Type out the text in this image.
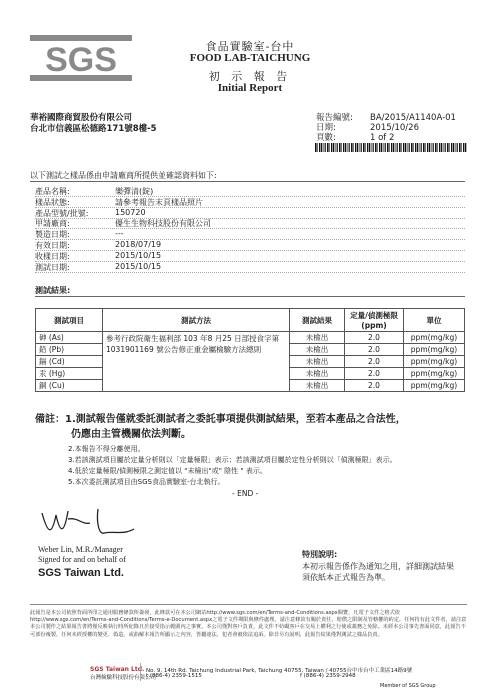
SGS	食品實驗室-台中
FOOD LAB-TAICHUNG
初 示 報 告
Initial Report
華裕國際商貿股份有限公司
台北市信義區松德路171號8樓-5
報告編號: BA/2015/A1140A-01
日期:	2015/10/26
頁數:	1 of 2
以下測試之樣品係由申請廠商所提供並確認資料如下:
產品名稱:	樂彈清(錠)
樣品狀態:	請參考報告末頁樣品照片
產品型號/批號:	150720
甲請廠商:	優生生物科技股份有限公司
製造日期:	---
有效日期:	2018/07/19
收樣日期:	2015/10/15
測試日期:	2015/10/15
測試結果:
測試項目	測試方法	測試結果	定量/偵測極限(ppm)	單位
砷 (As)	參考行政院衛生福利部 103 年8 月25 日部授食字第
1031901169 號公告修正重金屬檢驗方法總則	未檢出	2.0	ppm(mg/kg)
鉛 (Pb)		未檢出	2.0	ppm(mg/kg)
鎘 (Cd)		未檢出	2.0	ppm(mg/kg)
汞 (Hg)		未檢出	2.0	ppm(mg/kg)
銅 (Cu)		未檢出	2.0	ppm(mg/kg)
備註：1.測試報告僅就委託測試者之委託事項提供測試結果，至若本產品之合法性，
仍應由主管機關依法判斷。
2.本報告不得分離使用。
3.若該測試項目屬於定量分析則以「定量極限」表示；若該測試項目屬於定性分析則以「偵測極限」表示。
4.低於定量極限/偵測極限之測定值以 "未檢出"或" 陰性 " 表示。
5.本次委託測試項目由SGS食品實驗室-台北執行。
- END -
Weber Lin, M.R./Manager
Signed for and on behalf of
SGS Taiwan Ltd.
特別說明:
本初示報告係作為通知之用，詳細測試結果
須依紙本正式報告為準。
此報告是本公司依照背面所印之通用服務條款所簽發，此條款可在本公司網站http://www.sgs.com/en/Terms-and-Conditions.aspx閱覽，凡電子文件之格式依http://www.sgs.com/en/Terms-and-Conditions/Terms-e-Document.aspx之電子文件期限與條件處理。請注意條款有關於責任、賠償之限制及管轄權的約定。任何持有此文件者，請注意本公司製作之結果報告書將僅反映執行時所紀錄且於接受指示範圍內之事實。本公司僅對客戶負責，此文件不妨礙客戶在交易上權利之行使或義務之免除。未經本公司事先書面同意，此報告不可部份複製。任何未經授權的變更、偽造、或曲解本報告所顯示之內容，皆屬違法，犯者會被依法追訴。除非另有說明，此報告結果僅對測試之樣品負責。
SGS Taiwan Ltd.
台灣檢驗科技股份有限公司
No. 9, 14th Rd. Taichung Industrial Park, Taichung 40755, Taiwan / 40755台中市台中工業區14路9號
t (886-4) 2359-1515	f (886-4) 2359-2948
Member of SGS Group
